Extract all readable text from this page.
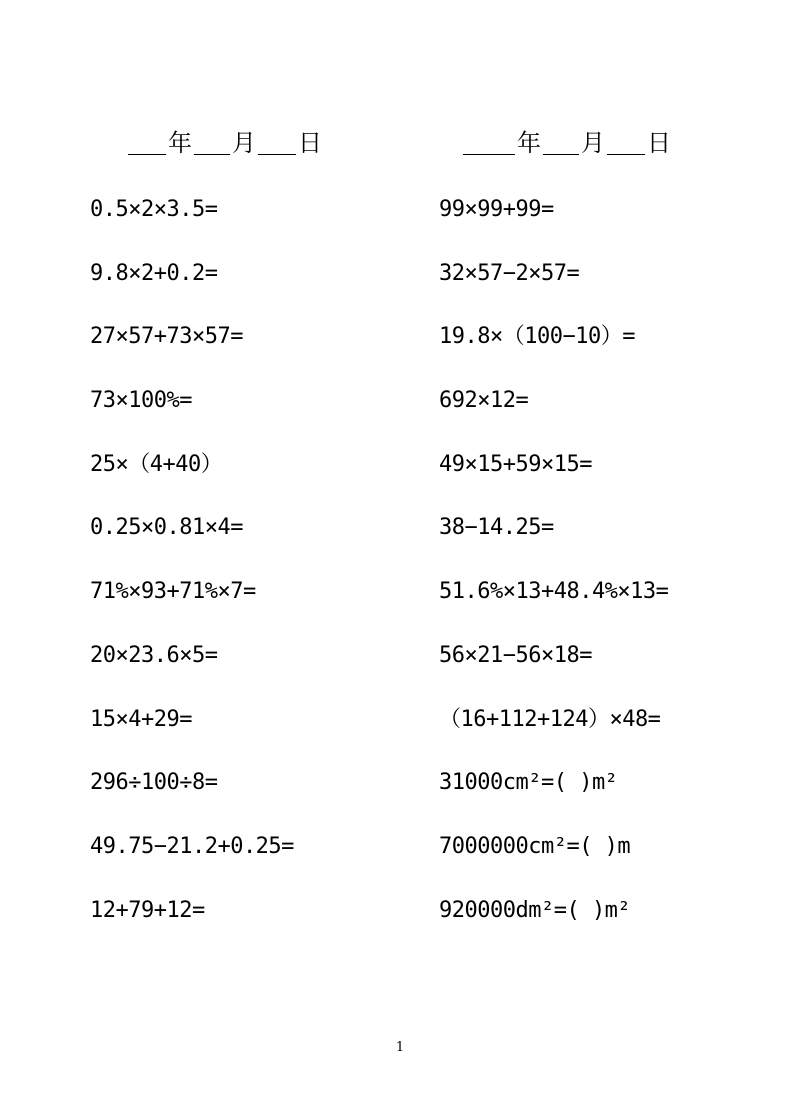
年 月 日	年 月 日
0.5×2×3.5=
9.8×2+0.2=
27×57+73×57=
73×100%=
25×（4+40）
0.25×0.81×4=
71%×93+71%×7=
20×23.6×5=
15×4+29=
296÷100÷8=
49.75−21.2+0.25=
12+79+12=
99×99+99=
32×57−2×57=
19.8×（100−10）=
692×12=
49×15+59×15=
38−14.25=
51.6%×13+48.4%×13=
56×21−56×18=
（16+112+124）×48=
31000cm²=( )m²
7000000cm²=( )m
920000dm²=( )m²
1
